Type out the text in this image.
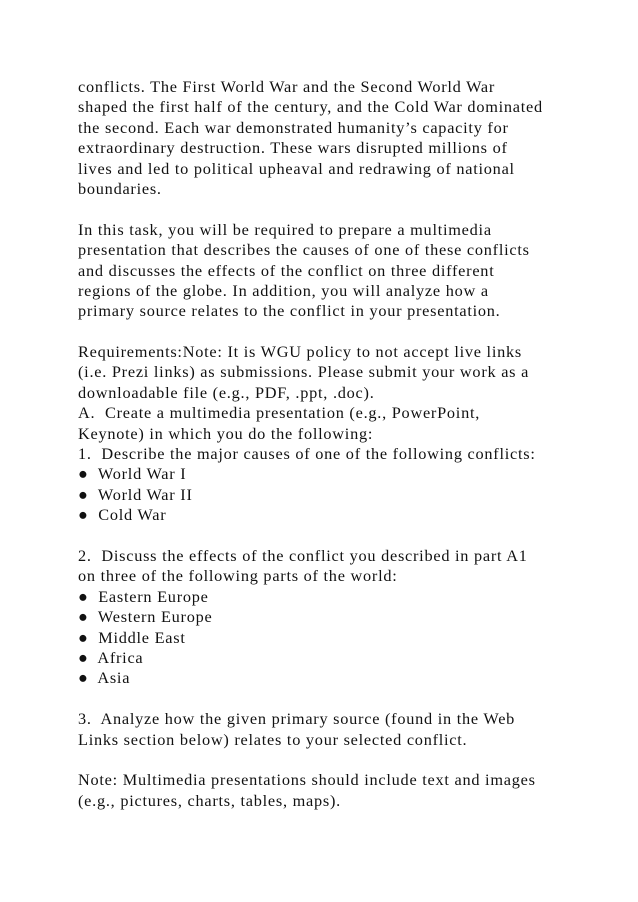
conflicts. The First World War and the Second World War
shaped the first half of the century, and the Cold War dominated
the second. Each war demonstrated humanity’s capacity for
extraordinary destruction. These wars disrupted millions of
lives and led to political upheaval and redrawing of national
boundaries.
In this task, you will be required to prepare a multimedia
presentation that describes the causes of one of these conflicts
and discusses the effects of the conflict on three different
regions of the globe. In addition, you will analyze how a
primary source relates to the conflict in your presentation.
Requirements:Note: It is WGU policy to not accept live links
(i.e. Prezi links) as submissions. Please submit your work as a
downloadable file (e.g., PDF, .ppt, .doc).
A.  Create a multimedia presentation (e.g., PowerPoint,
Keynote) in which you do the following:
1.  Describe the major causes of one of the following conflicts:
●  World War I
●  World War II
●  Cold War
2.  Discuss the effects of the conflict you described in part A1
on three of the following parts of the world:
●  Eastern Europe
●  Western Europe
●  Middle East
●  Africa
●  Asia
3.  Analyze how the given primary source (found in the Web
Links section below) relates to your selected conflict.
Note: Multimedia presentations should include text and images
(e.g., pictures, charts, tables, maps).
